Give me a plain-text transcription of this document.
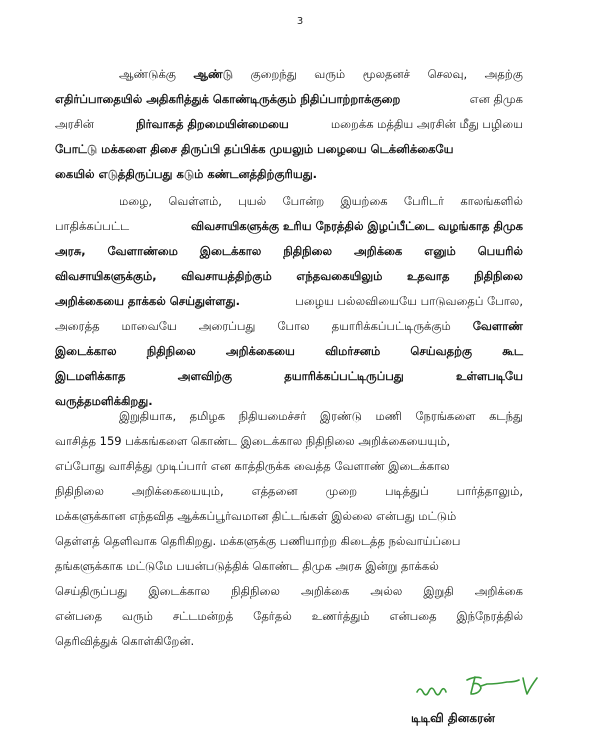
3
ஆண்டுக்கு ஆண்டு குறைந்து வரும் மூலதனச் செலவு, அதற்கு
எதிர்ப்பாதையில் அதிகரித்துக் கொண்டிருக்கும் நிதிப்பாற்றாக்குறை	என திமுக
அரசின்	நிர்வாகத் திறமையின்மையை	மறைக்க மத்திய அரசின் மீது பழியை
போட்டு மக்களை திசை திருப்பி தப்பிக்க முயலும் பழையை டெக்னிக்கையே
கையில் எடுத்திருப்பது கடும் கண்டனத்திற்குரியது.
மழை, வெள்ளம், புயல் போன்ற இயற்கை பேரிடர் காலங்களில்
பாதிக்கப்பட்ட	விவசாயிகளுக்கு உரிய நேரத்தில் இழப்பீட்டை வழங்காத திமுக
அரசு, வேளாண்மை இடைக்கால நிதிநிலை அறிக்கை எனும் பெயரில்
விவசாயிகளுக்கும், விவசாயத்திற்கும் எந்தவகையிலும் உதவாத நிதிநிலை
அறிக்கையை தாக்கல் செய்துள்ளது.	பழைய பல்லவியையே பாடுவதைப் போல,
அரைத்த மாவையே அரைப்பது போல தயாரிக்கப்பட்டிருக்கும் வேளாண்
இடைக்கால	நிதிநிலை	அறிக்கையை	விமர்சனம்	செய்வதற்கு	கூட
இடமளிக்காத	அளவிற்கு	தயாரிக்கப்பட்டிருப்பது	உள்ளபடியே
வருத்தமளிக்கிறது.
இறுதியாக, தமிழக நிதியமைச்சர் இரண்டு மணி நேரங்களை கடந்து
வாசித்த 159 பக்கங்களை கொண்ட இடைக்கால நிதிநிலை அறிக்கையையும்,
எப்போது வாசித்து முடிப்பார் என காத்திருக்க வைத்த வேளாண் இடைக்கால
நிதிநிலை அறிக்கையையும், எத்தனை முறை படித்துப் பார்த்தாலும்,
மக்களுக்கான எந்தவித ஆக்கப்பூர்வமான திட்டங்கள் இல்லை என்பது மட்டும்
தெள்ளத் தெளிவாக தெரிகிறது. மக்களுக்கு பணியாற்ற கிடைத்த நல்வாய்ப்பை
தங்களுக்காக மட்டுமே பயன்படுத்திக் கொண்ட திமுக அரசு இன்று தாக்கல்
செய்திருப்பது இடைக்கால நிதிநிலை அறிக்கை அல்ல இறுதி அறிக்கை
என்பதை வரும் சட்டமன்றத் தேர்தல் உணர்த்தும் என்பதை இந்நேரத்தில்
தெரிவித்துக் கொள்கிறேன்.
டிடிவி தினகரன்
